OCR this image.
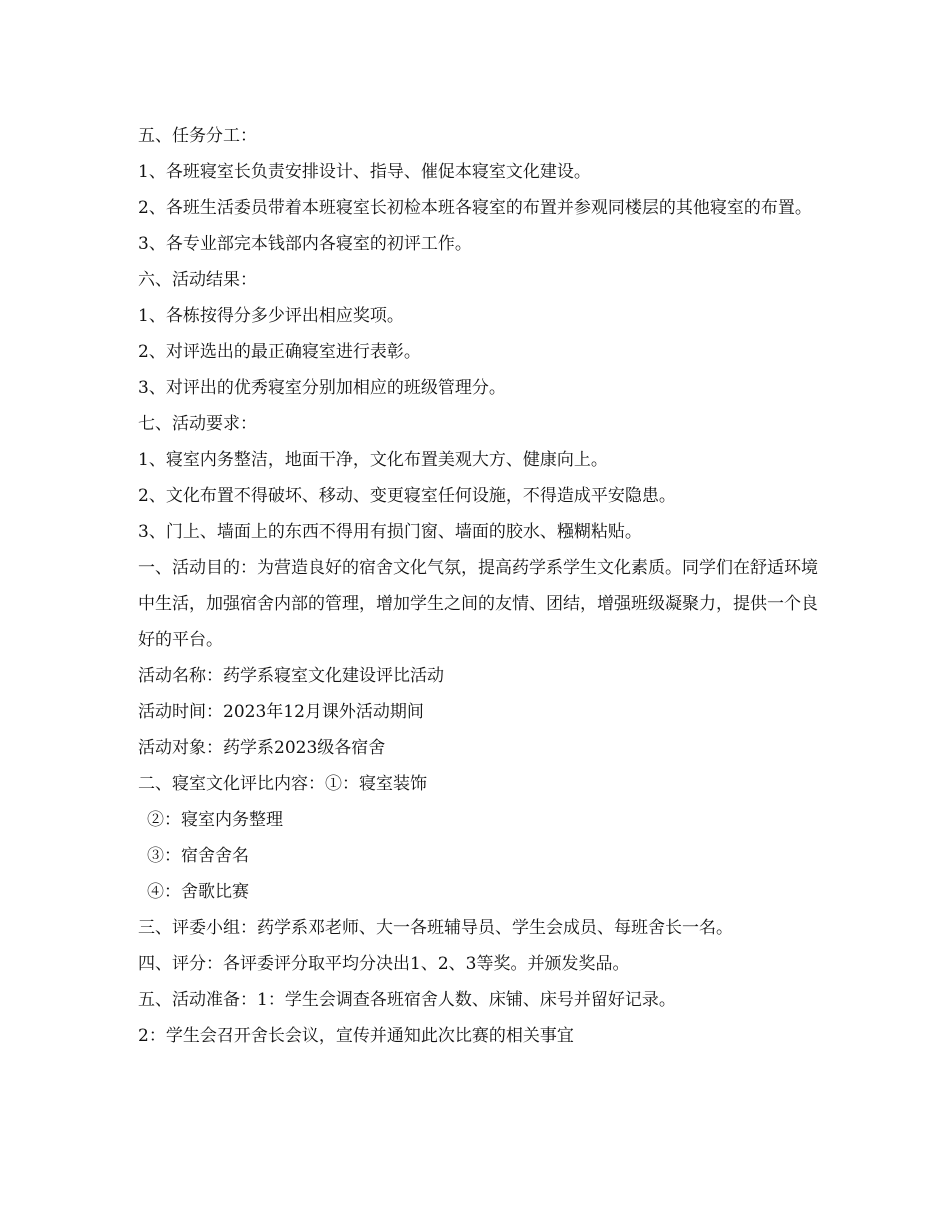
五、任务分工：

1、各班寝室长负责安排设计、指导、催促本寝室文化建设。

2、各班生活委员带着本班寝室长初检本班各寝室的布置并参观同楼层的其他寝室的布置。

3、各专业部完本钱部内各寝室的初评工作。

六、活动结果：

1、各栋按得分多少评出相应奖项。

2、对评选出的最正确寝室进行表彰。

3、对评出的优秀寝室分别加相应的班级管理分。

七、活动要求：

1、寝室内务整洁，地面干净，文化布置美观大方、健康向上。

2、文化布置不得破坏、移动、变更寝室任何设施，不得造成平安隐患。

3、门上、墙面上的东西不得用有损门窗、墙面的胶水、糨糊粘贴。

一、活动目的：为营造良好的宿舍文化气氛，提高药学系学生文化素质。同学们在舒适环境中生活，加强宿舍内部的管理，增加学生之间的友情、团结，增强班级凝聚力，提供一个良好的平台。

活动名称：药学系寝室文化建设评比活动

活动时间：2023年12月课外活动期间

活动对象：药学系2023级各宿舍

二、寝室文化评比内容：①：寝室装饰

②：寝室内务整理

③：宿舍舍名

④：舍歌比赛

三、评委小组：药学系邓老师、大一各班辅导员、学生会成员、每班舍长一名。

四、评分：各评委评分取平均分决出1、2、3等奖。并颁发奖品。

五、活动准备：1：学生会调查各班宿舍人数、床铺、床号并留好记录。

2：学生会召开舍长会议，宣传并通知此次比赛的相关事宜
